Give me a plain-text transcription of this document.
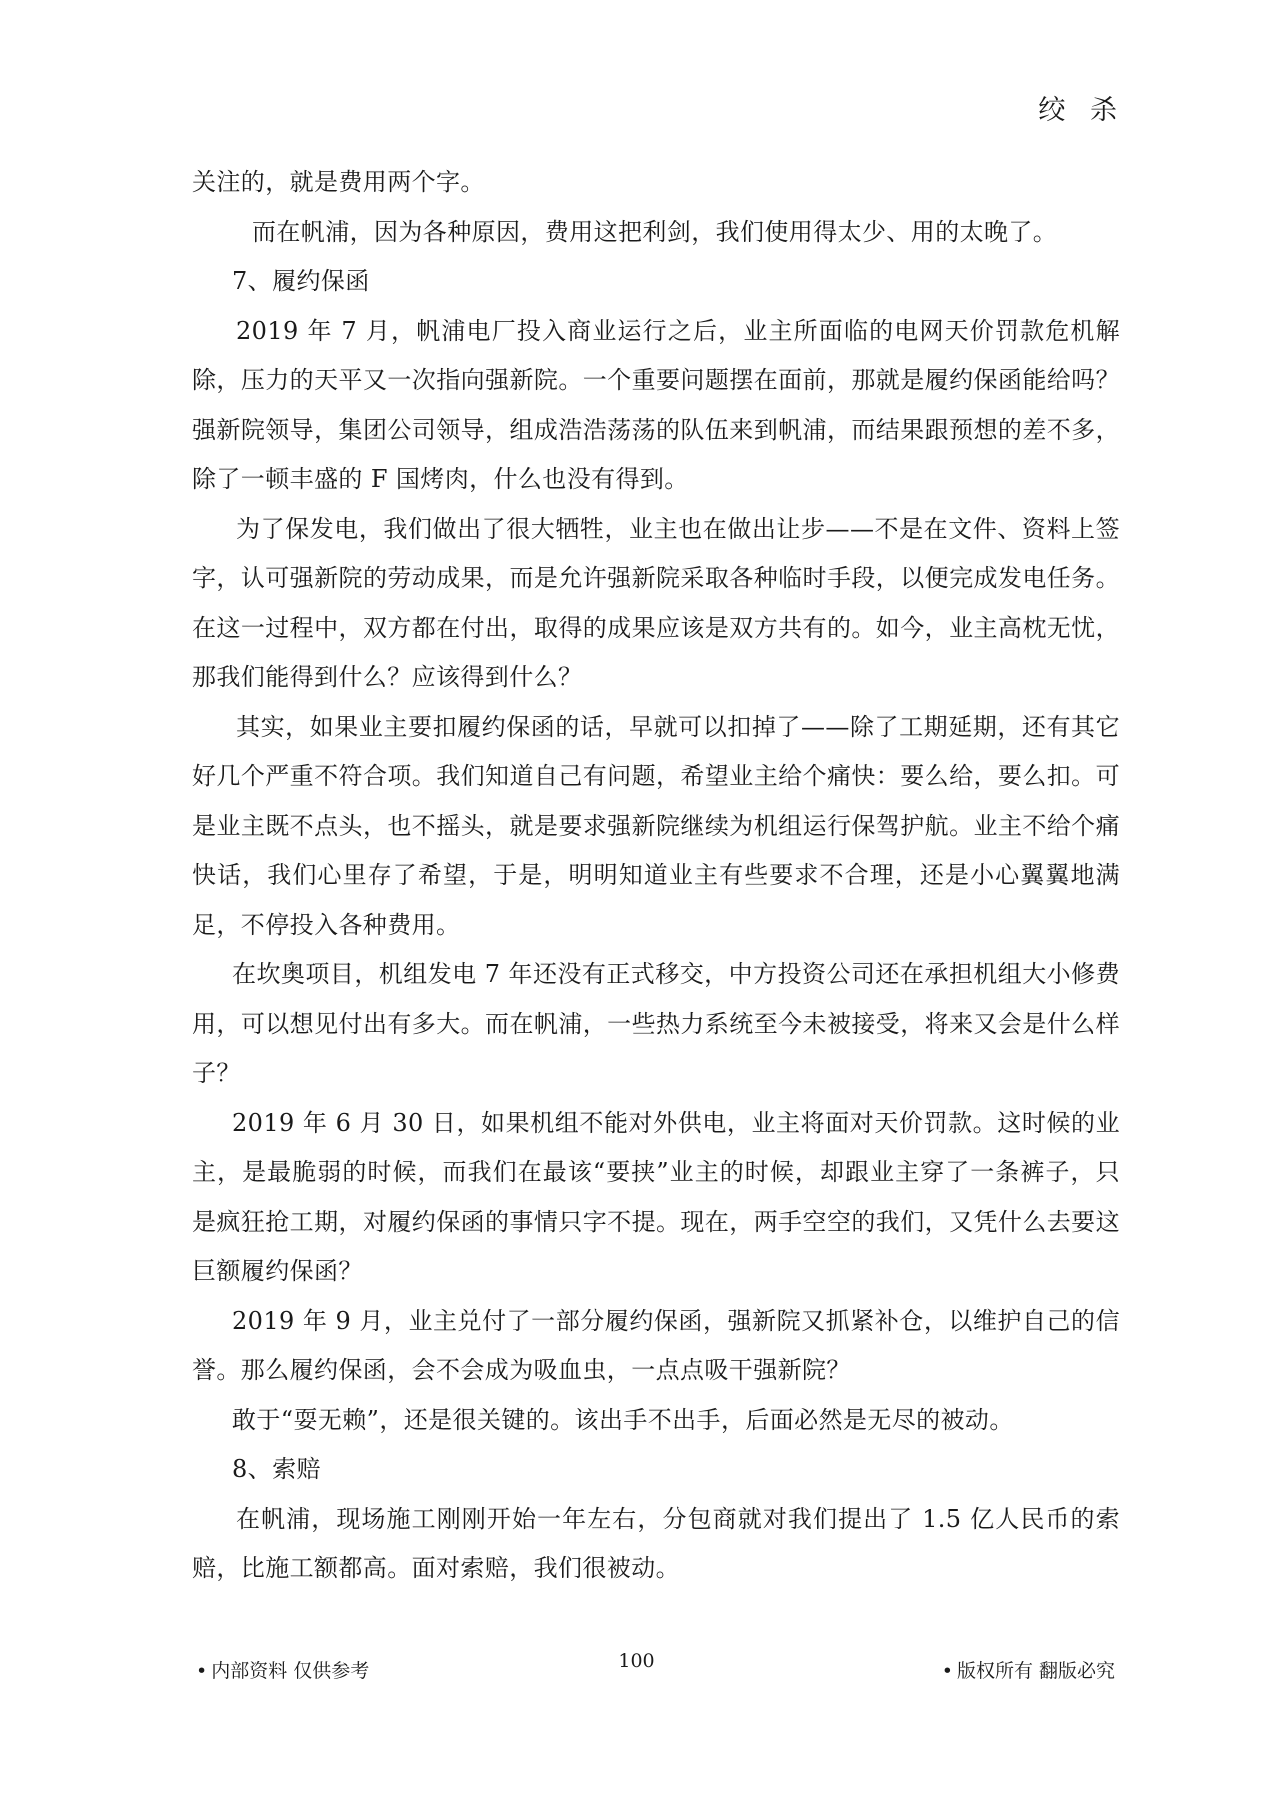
绞 杀

关注的，就是费用两个字。

而在帆浦，因为各种原因，费用这把利剑，我们使用得太少、用的太晚了。

7、履约保函

2019 年 7 月，帆浦电厂投入商业运行之后，业主所面临的电网天价罚款危机解除，压力的天平又一次指向强新院。一个重要问题摆在面前，那就是履约保函能给吗？强新院领导，集团公司领导，组成浩浩荡荡的队伍来到帆浦，而结果跟预想的差不多，除了一顿丰盛的 F 国烤肉，什么也没有得到。

为了保发电，我们做出了很大牺牲，业主也在做出让步——不是在文件、资料上签字，认可强新院的劳动成果，而是允许强新院采取各种临时手段，以便完成发电任务。在这一过程中，双方都在付出，取得的成果应该是双方共有的。如今，业主高枕无忧，那我们能得到什么？应该得到什么？

其实，如果业主要扣履约保函的话，早就可以扣掉了——除了工期延期，还有其它好几个严重不符合项。我们知道自己有问题，希望业主给个痛快：要么给，要么扣。可是业主既不点头，也不摇头，就是要求强新院继续为机组运行保驾护航。业主不给个痛快话，我们心里存了希望，于是，明明知道业主有些要求不合理，还是小心翼翼地满足，不停投入各种费用。

在坎奥项目，机组发电 7 年还没有正式移交，中方投资公司还在承担机组大小修费用，可以想见付出有多大。而在帆浦，一些热力系统至今未被接受，将来又会是什么样子？

2019 年 6 月 30 日，如果机组不能对外供电，业主将面对天价罚款。这时候的业主，是最脆弱的时候，而我们在最该“要挟”业主的时候，却跟业主穿了一条裤子，只是疯狂抢工期，对履约保函的事情只字不提。现在，两手空空的我们，又凭什么去要这巨额履约保函？

2019 年 9 月，业主兑付了一部分履约保函，强新院又抓紧补仓，以维护自己的信誉。那么履约保函，会不会成为吸血虫，一点点吸干强新院？

敢于“耍无赖”，还是很关键的。该出手不出手，后面必然是无尽的被动。

8、索赔

在帆浦，现场施工刚刚开始一年左右，分包商就对我们提出了 1.5 亿人民币的索赔，比施工额都高。面对索赔，我们很被动。

• 内部资料 仅供参考	100	• 版权所有 翻版必究
